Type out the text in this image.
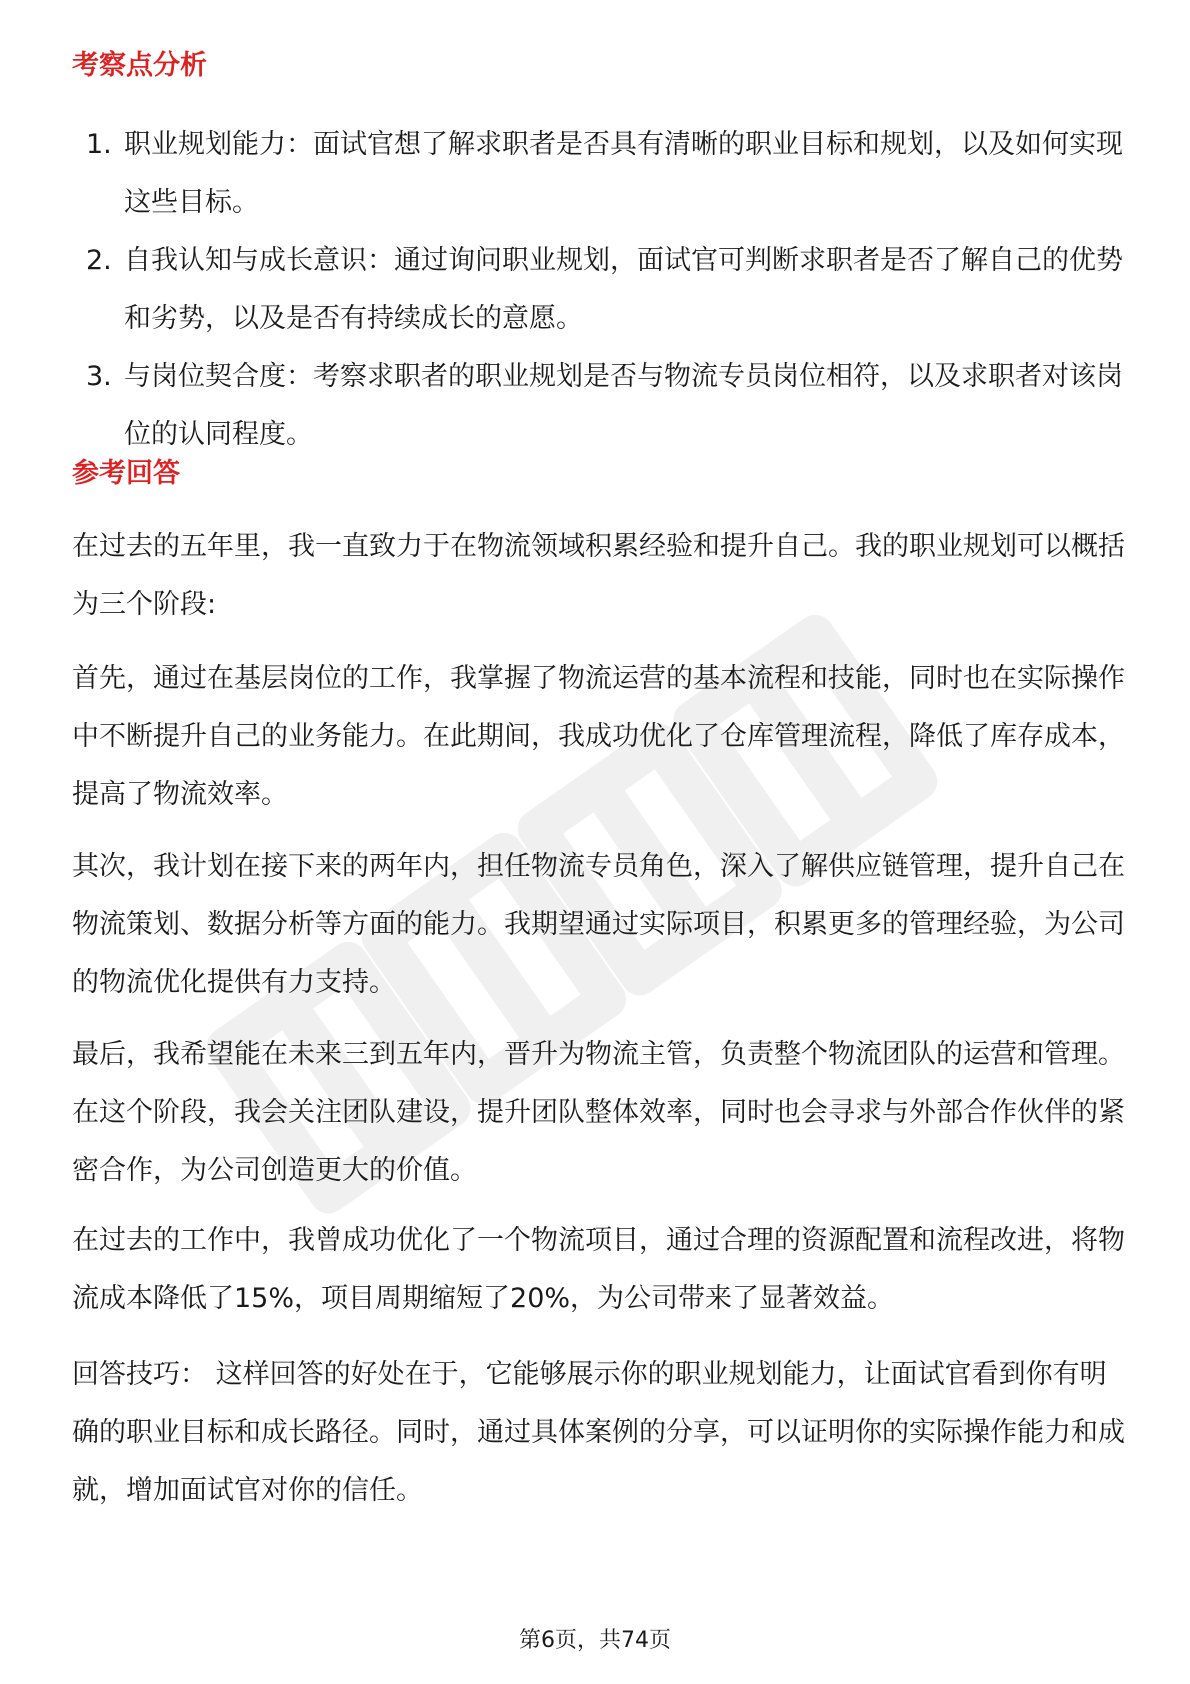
考察点分析
1. 职业规划能力：面试官想了解求职者是否具有清晰的职业目标和规划，以及如何实现这些目标。
2. 自我认知与成长意识：通过询问职业规划，面试官可判断求职者是否了解自己的优势和劣势，以及是否有持续成长的意愿。
3. 与岗位契合度：考察求职者的职业规划是否与物流专员岗位相符，以及求职者对该岗位的认同程度。
参考回答

在过去的五年里，我一直致力于在物流领域积累经验和提升自己。我的职业规划可以概括为三个阶段:

首先，通过在基层岗位的工作，我掌握了物流运营的基本流程和技能，同时也在实际操作中不断提升自己的业务能力。在此期间，我成功优化了仓库管理流程，降低了库存成本，提高了物流效率。

其次，我计划在接下来的两年内，担任物流专员角色，深入了解供应链管理，提升自己在物流策划、数据分析等方面的能力。我期望通过实际项目，积累更多的管理经验，为公司的物流优化提供有力支持。

最后，我希望能在未来三到五年内，晋升为物流主管，负责整个物流团队的运营和管理。在这个阶段，我会关注团队建设，提升团队整体效率，同时也会寻求与外部合作伙伴的紧密合作，为公司创造更大的价值。

在过去的工作中，我曾成功优化了一个物流项目，通过合理的资源配置和流程改进，将物流成本降低了15%，项目周期缩短了20%，为公司带来了显著效益。

回答技巧： 这样回答的好处在于，它能够展示你的职业规划能力，让面试官看到你有明确的职业目标和成长路径。同时，通过具体案例的分享，可以证明你的实际操作能力和成就，增加面试官对你的信任。

第6页，共74页
